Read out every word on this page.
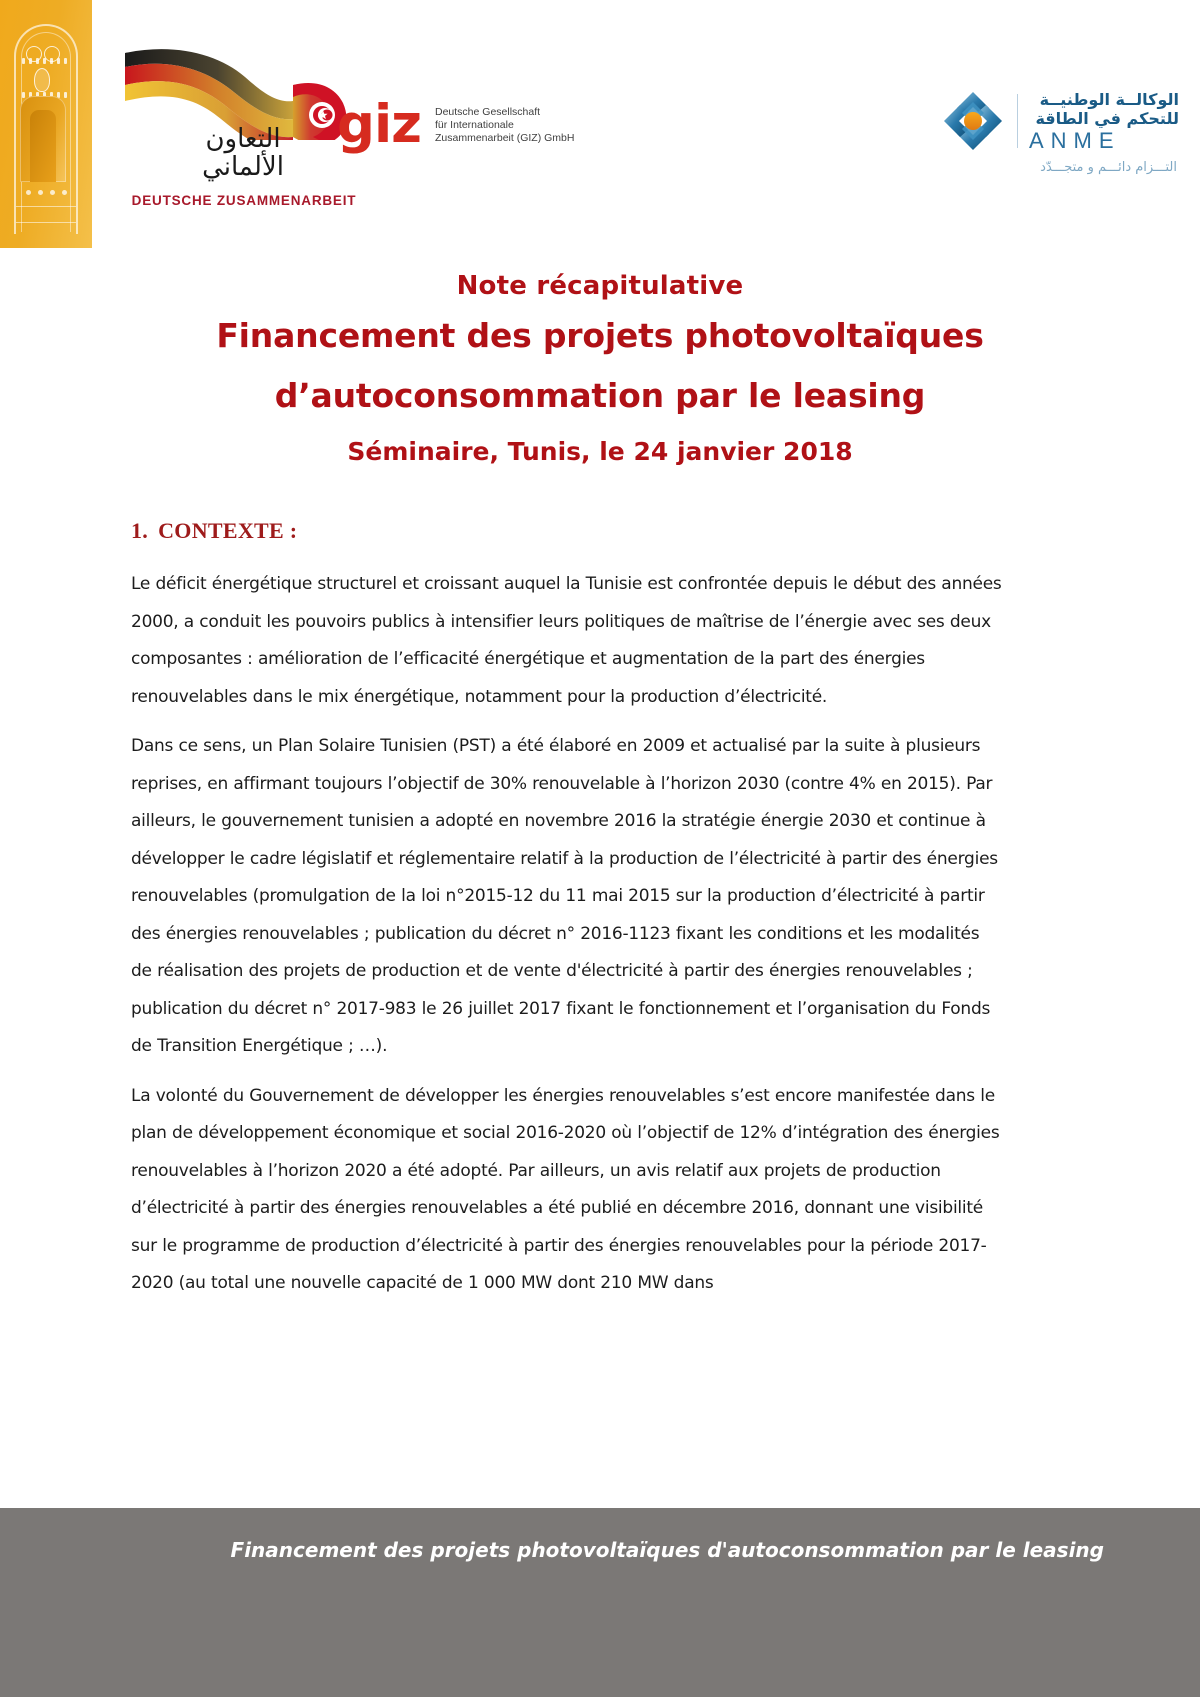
التعاون
الألماني
DEUTSCHE ZUSAMMENARBEIT
giz Deutsche Gesellschaft
für Internationale
Zusammenarbeit (GIZ) GmbH
الوكالــة الوطنيــة
للتحكم في الطاقة
ANME
التـــزام دائـــم و متجـــدّد
Note récapitulative
Financement des projets photovoltaïques d’autoconsommation par le leasing
Séminaire, Tunis, le 24 janvier 2018
1. CONTEXTE :

Le déficit énergétique structurel et croissant auquel la Tunisie est confrontée depuis le début des années 2000, a conduit les pouvoirs publics à intensifier leurs politiques de maîtrise de l’énergie avec ses deux composantes : amélioration de l’efficacité énergétique et augmentation de la part des énergies renouvelables dans le mix énergétique, notamment pour la production d’électricité.

Dans ce sens, un Plan Solaire Tunisien (PST) a été élaboré en 2009 et actualisé par la suite à plusieurs reprises, en affirmant toujours l’objectif de 30% renouvelable à l’horizon 2030 (contre 4% en 2015). Par ailleurs, le gouvernement tunisien a adopté en novembre 2016 la stratégie énergie 2030 et continue à développer le cadre législatif et réglementaire relatif à la production de l’électricité à partir des énergies renouvelables (promulgation de la loi n°2015-12 du 11 mai 2015 sur la production d’électricité à partir des énergies renouvelables ; publication du décret n° 2016-1123 fixant les conditions et les modalités de réalisation des projets de production et de vente d'électricité à partir des énergies renouvelables ; publication du décret n° 2017-983 le 26 juillet 2017 fixant le fonctionnement et l’organisation du Fonds de Transition Energétique ; …).

La volonté du Gouvernement de développer les énergies renouvelables s’est encore manifestée dans le plan de développement économique et social 2016-2020 où l’objectif de 12% d’intégration des énergies renouvelables à l’horizon 2020 a été adopté. Par ailleurs, un avis relatif aux projets de production d’électricité à partir des énergies renouvelables a été publié en décembre 2016, donnant une visibilité sur le programme de production d’électricité à partir des énergies renouvelables pour la période 2017-2020 (au total une nouvelle capacité de 1 000 MW dont 210 MW dans

Financement des projets photovoltaïques d'autoconsommation par le leasing
